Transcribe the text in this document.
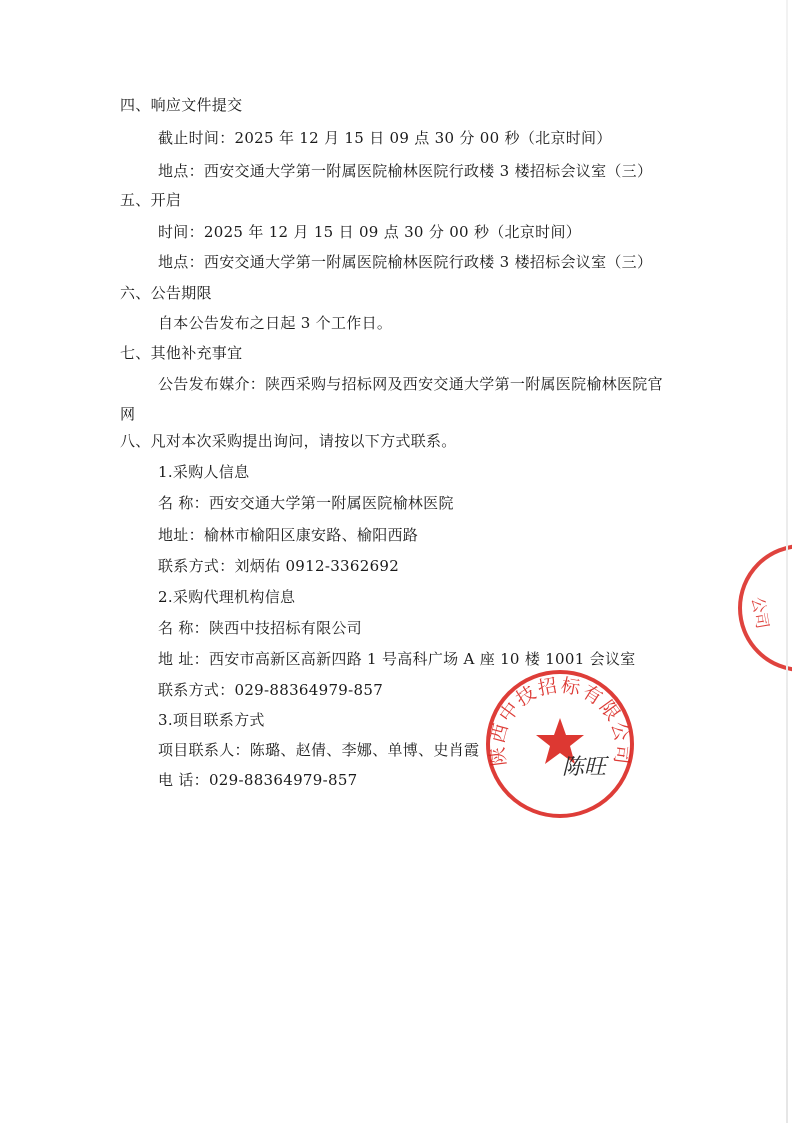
四、响应文件提交
截止时间：2025 年 12 月 15 日 09 点 30 分 00 秒（北京时间）
地点：西安交通大学第一附属医院榆林医院行政楼 3 楼招标会议室（三）
五、开启
时间：2025 年 12 月 15 日 09 点 30 分 00 秒（北京时间）
地点：西安交通大学第一附属医院榆林医院行政楼 3 楼招标会议室（三）
六、公告期限
自本公告发布之日起 3 个工作日。
七、其他补充事宜
公告发布媒介：陕西采购与招标网及西安交通大学第一附属医院榆林医院官
网
八、凡对本次采购提出询问，请按以下方式联系。
1.采购人信息
名 称：西安交通大学第一附属医院榆林医院
地址：榆林市榆阳区康安路、榆阳西路
联系方式：刘炳佑 0912-3362692
2.采购代理机构信息
名 称：陕西中技招标有限公司
地 址：西安市高新区高新四路 1 号高科广场 A 座 10 楼 1001 会议室
联系方式：029-88364979-857
3.项目联系方式
项目联系人：陈璐、赵倩、李娜、单博、史肖霞
电 话：029-88364979-857
陕西中技招标有限公司
陈旺
公司
